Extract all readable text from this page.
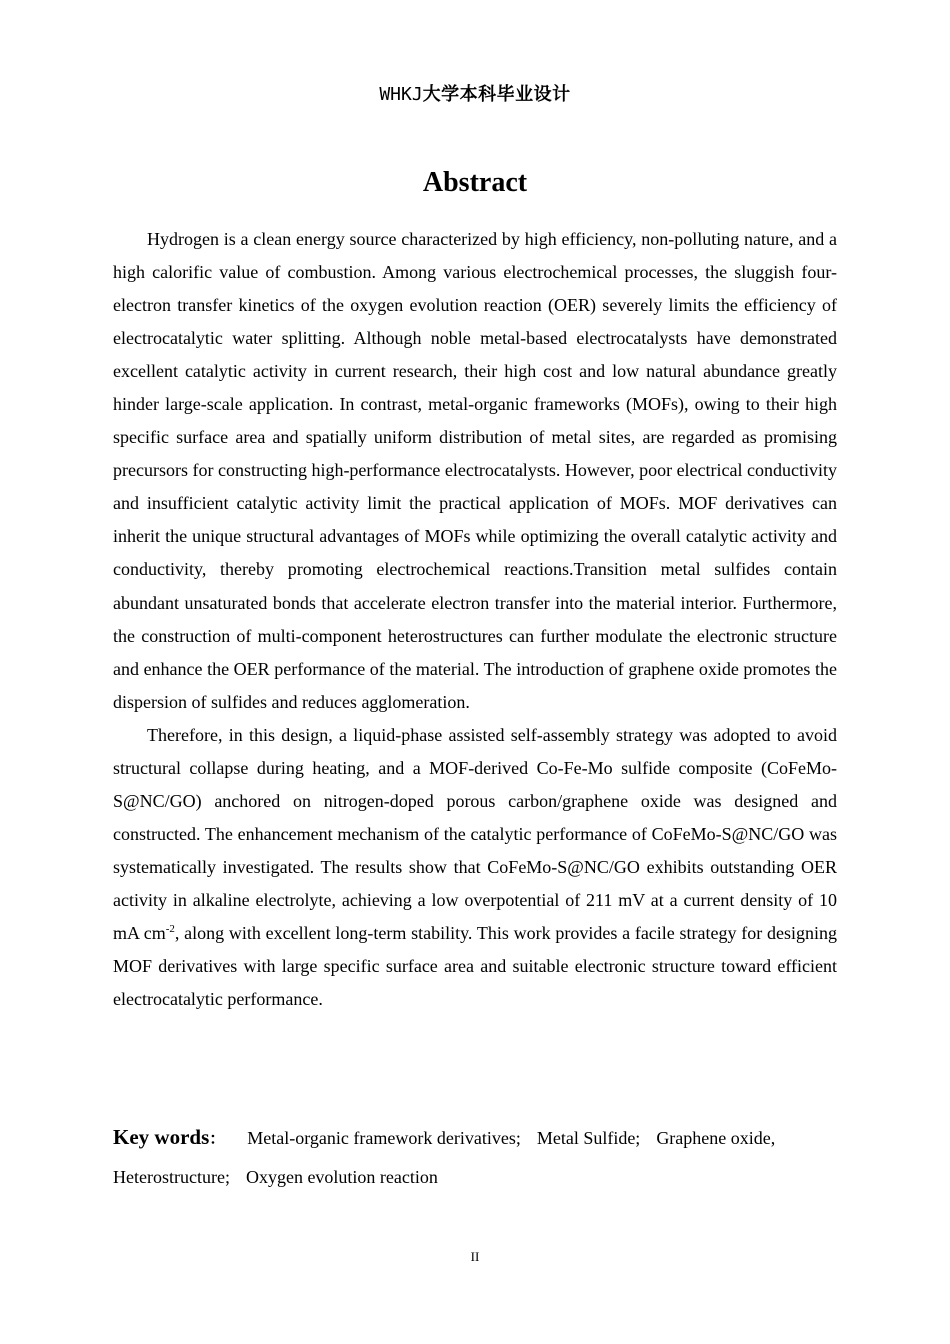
WHKJ大学本科毕业设计
Abstract

Hydrogen is a clean energy source characterized by high efficiency, non-polluting nature, and a high calorific value of combustion. Among various electrochemical processes, the sluggish four-electron transfer kinetics of the oxygen evolution reaction (OER) severely limits the efficiency of electrocatalytic water splitting. Although noble metal-based electrocatalysts have demonstrated excellent catalytic activity in current research, their high cost and low natural abundance greatly hinder large-scale application. In contrast, metal-organic frameworks (MOFs), owing to their high specific surface area and spatially uniform distribution of metal sites, are regarded as promising precursors for constructing high-performance electrocatalysts. However, poor electrical conductivity and insufficient catalytic activity limit the practical application of MOFs. MOF derivatives can inherit the unique structural advantages of MOFs while optimizing the overall catalytic activity and conductivity, thereby promoting electrochemical reactions.Transition metal sulfides contain abundant unsaturated bonds that accelerate electron transfer into the material interior. Furthermore, the construction of multi-component heterostructures can further modulate the electronic structure and enhance the OER performance of the material. The introduction of graphene oxide promotes the dispersion of sulfides and reduces agglomeration.

Therefore, in this design, a liquid-phase assisted self-assembly strategy was adopted to avoid structural collapse during heating, and a MOF-derived Co-Fe-Mo sulfide composite (CoFeMo-S@NC/GO) anchored on nitrogen-doped porous carbon/graphene oxide was designed and constructed. The enhancement mechanism of the catalytic performance of CoFeMo-S@NC/GO was systematically investigated. The results show that CoFeMo-S@NC/GO exhibits outstanding OER activity in alkaline electrolyte, achieving a low overpotential of 211 mV at a current density of 10 mA $cm^{-2}$, along with excellent long-term stability. This work provides a facile strategy for designing MOF derivatives with large specific surface area and suitable electronic structure toward efficient electrocatalytic performance.

Key words： Metal-organic framework derivatives; Metal Sulfide; Graphene oxide,
Heterostructure; Oxygen evolution reaction
II
